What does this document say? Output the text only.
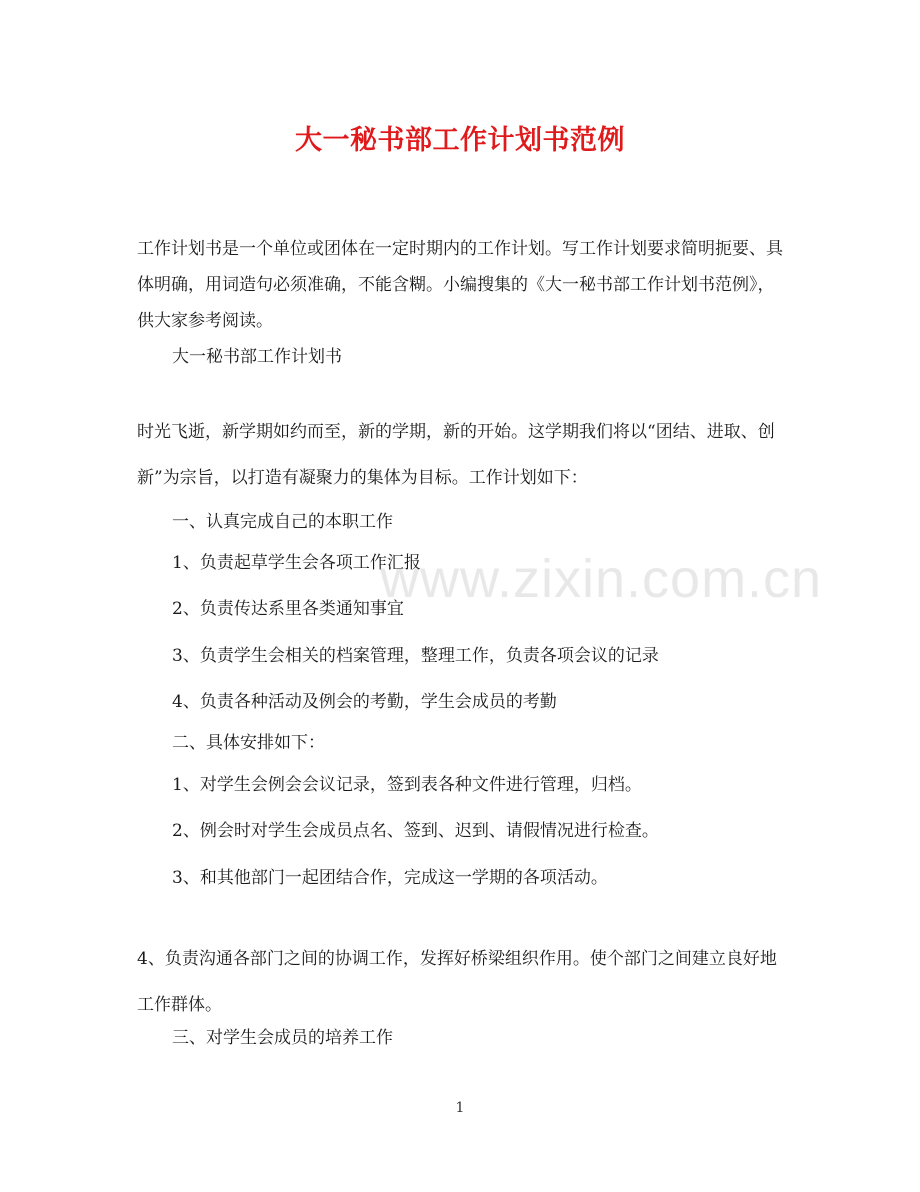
大一秘书部工作计划书范例

工作计划书是一个单位或团体在一定时期内的工作计划。写工作计划要求简明扼要、具体明确，用词造句必须准确，不能含糊。小编搜集的《大一秘书部工作计划书范例》，供大家参考阅读。

大一秘书部工作计划书

时光飞逝，新学期如约而至，新的学期，新的开始。这学期我们将以“团结、进取、创新”为宗旨，以打造有凝聚力的集体为目标。工作计划如下：

一、认真完成自己的本职工作

1、负责起草学生会各项工作汇报

2、负责传达系里各类通知事宜

3、负责学生会相关的档案管理，整理工作，负责各项会议的记录

4、负责各种活动及例会的考勤，学生会成员的考勤

二、具体安排如下：

1、对学生会例会会议记录，签到表各种文件进行管理，归档。

2、例会时对学生会成员点名、签到、迟到、请假情况进行检查。

3、和其他部门一起团结合作，完成这一学期的各项活动。

4、负责沟通各部门之间的协调工作，发挥好桥梁组织作用。使个部门之间建立良好地工作群体。

三、对学生会成员的培养工作

www.zixin.com.cn
1
